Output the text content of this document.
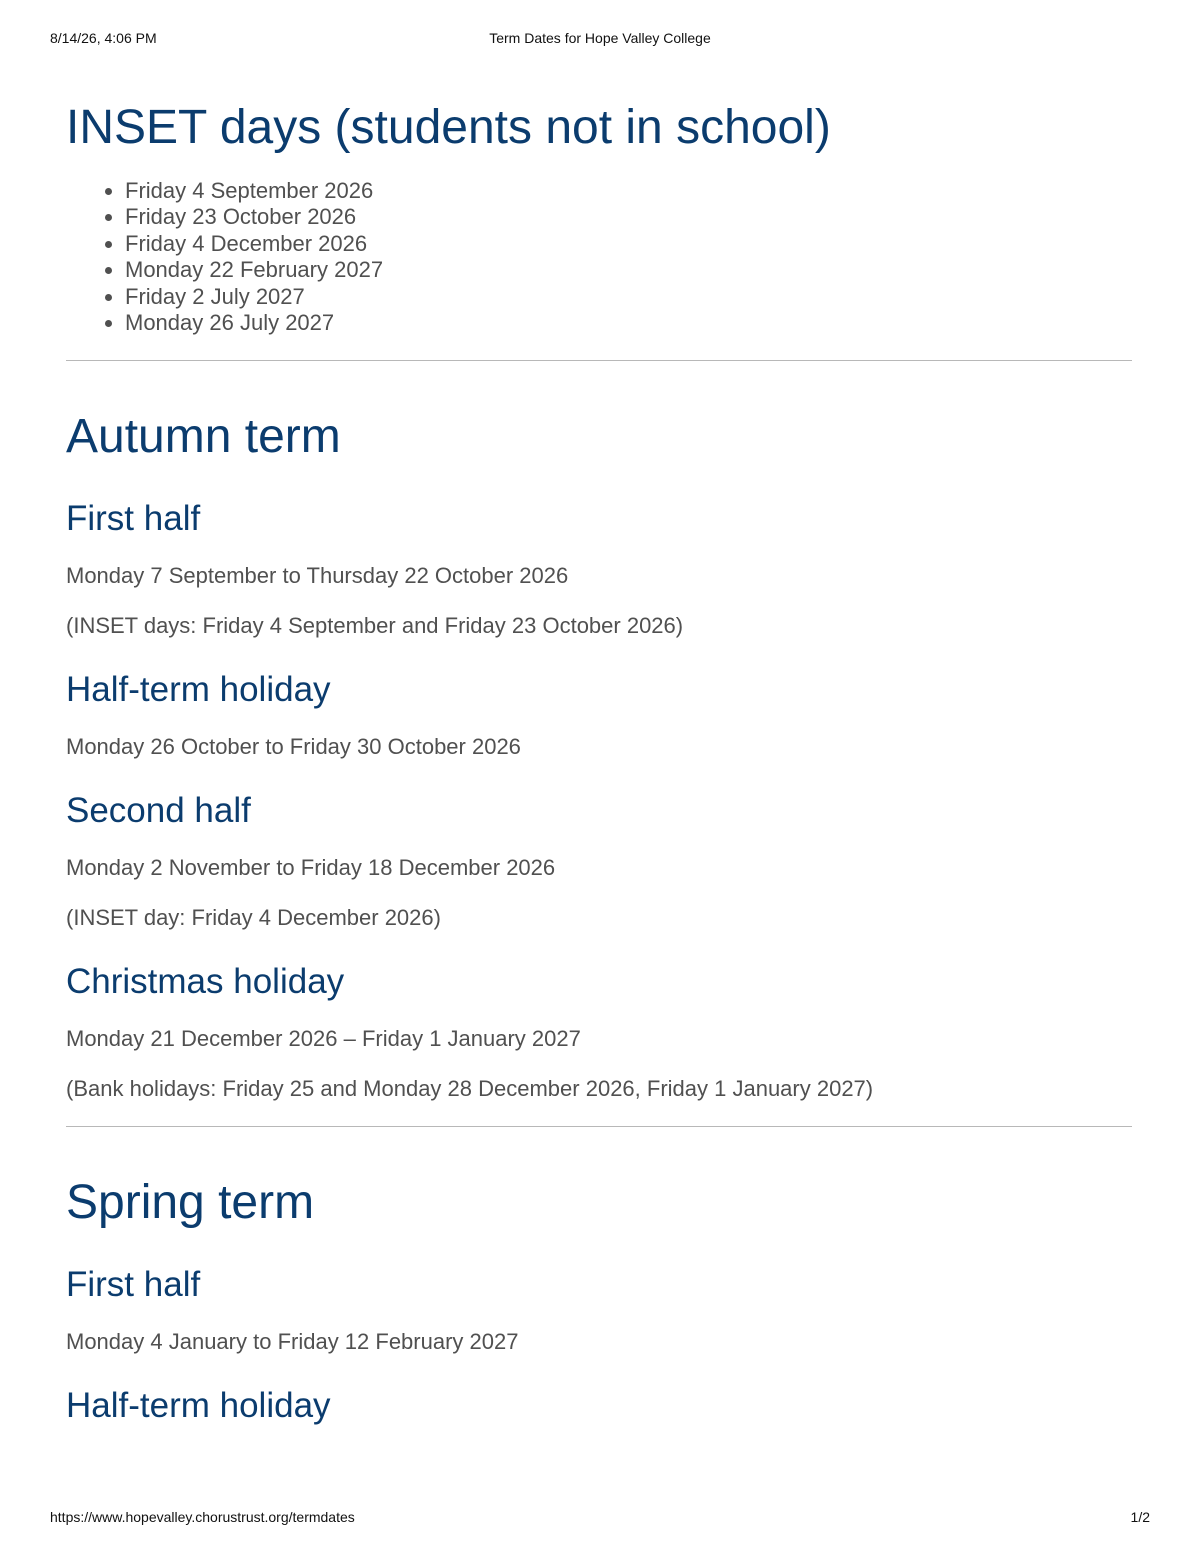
8/14/26, 4:06 PM	Term Dates for Hope Valley College
INSET days (students not in school)
• Friday 4 September 2026
• Friday 23 October 2026
• Friday 4 December 2026
• Monday 22 February 2027
• Friday 2 July 2027
• Monday 26 July 2027
Autumn term
First half

Monday 7 September to Thursday 22 October 2026

(INSET days: Friday 4 September and Friday 23 October 2026)

Half-term holiday

Monday 26 October to Friday 30 October 2026

Second half

Monday 2 November to Friday 18 December 2026

(INSET day: Friday 4 December 2026)

Christmas holiday

Monday 21 December 2026 – Friday 1 January 2027

(Bank holidays: Friday 25 and Monday 28 December 2026, Friday 1 January 2027)

Spring term
First half

Monday 4 January to Friday 12 February 2027

Half-term holiday
https://www.hopevalley.chorustrust.org/termdates	1/2
